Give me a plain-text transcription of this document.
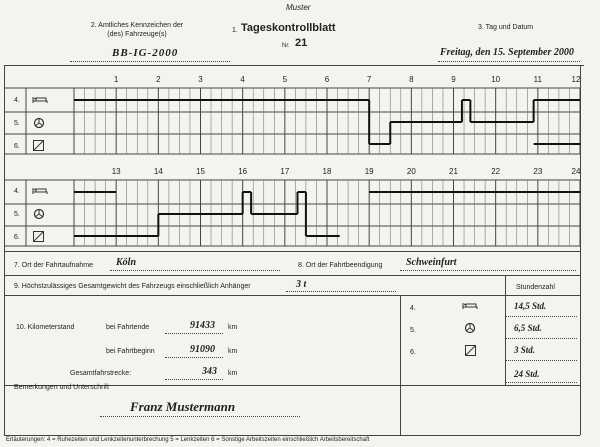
Muster
2. Amtliches Kennzeichen der (des) Fahrzeuge(s)
BB-IG-2000
1. Tageskontrollblatt
Nr. 21
3. Tag und Datum
Freitag, den 15. September 2000
1	2	3	4	5	6	7	8	9	10	11	12
13	14	15	16	17	18	19	20	21	22	23	24
4.
5.
6.
4.
5.
6.
7. Ort der Fahrtaufnahme Köln	8. Ort der Fahrtbeendigung Schweinfurt
9. Höchstzulässiges Gesamtgewicht des Fahrzeugs einschließlich Anhänger	3 t	Stundenzahl
10. Kilometerstand	bei Fahrtende	91433 km
bei Fahrtbeginn	91090 km
Gesamtfahrstrecke:	343 km
4.	14,5 Std.
5.	6,5 Std.
6.	3 Std.
24 Std.
Bemerkungen und Unterschrift
Franz Mustermann
Erläuterungen: 4 = Ruhezeiten und Lenkzeitenunterbrechung 5 = Lenkzeiten 6 = Sonstige Arbeitszeiten einschließlich Arbeitsbereitschaft
